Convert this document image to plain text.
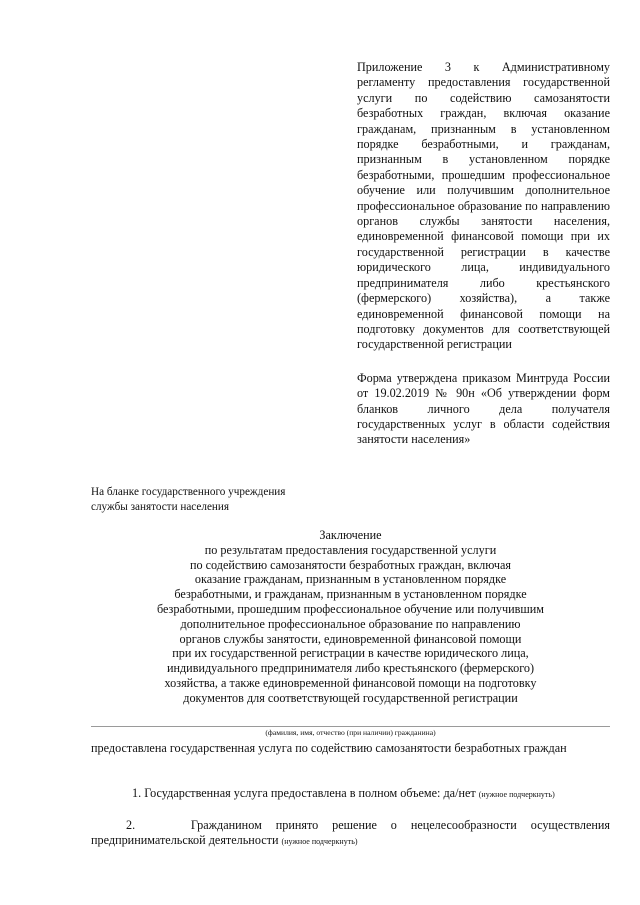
Приложение 3 к Административному регламенту предоставления государственной услуги по содействию самозанятости безработных граждан, включая оказание гражданам, признанным в установленном порядке безработными, и гражданам, признанным в установленном порядке безработными, прошедшим профессиональное обучение или получившим дополнительное профессиональное образование по направлению органов службы занятости населения, единовременной финансовой помощи при их государственной регистрации в качестве юридического лица, индивидуального предпринимателя либо крестьянского (фермерского) хозяйства), а также единовременной финансовой помощи на подготовку документов для соответствующей государственной регистрации

Форма утверждена приказом Минтруда России от 19.02.2019 № 90н «Об утверждении форм бланков личного дела получателя государственных услуг в области содействия занятости населения»

На бланке государственного учреждения
службы занятости населения
Заключение
по результатам предоставления государственной услуги
по содействию самозанятости безработных граждан, включая
оказание гражданам, признанным в установленном порядке
безработными, и гражданам, признанным в установленном порядке
безработными, прошедшим профессиональное обучение или получившим
дополнительное профессиональное образование по направлению
органов службы занятости, единовременной финансовой помощи
при их государственной регистрации в качестве юридического лица,
индивидуального предпринимателя либо крестьянского (фермерского)
хозяйства, а также единовременной финансовой помощи на подготовку
документов для соответствующей государственной регистрации
(фамилия, имя, отчество (при наличии) гражданина)
предоставлена государственная услуга по содействию самозанятости безработных граждан
1. Государственная услуга предоставлена в полном объеме: да/нет (нужное подчеркнуть)
2.	Гражданином принято решение о нецелесообразности осуществления предпринимательской деятельности (нужное подчеркнуть)
